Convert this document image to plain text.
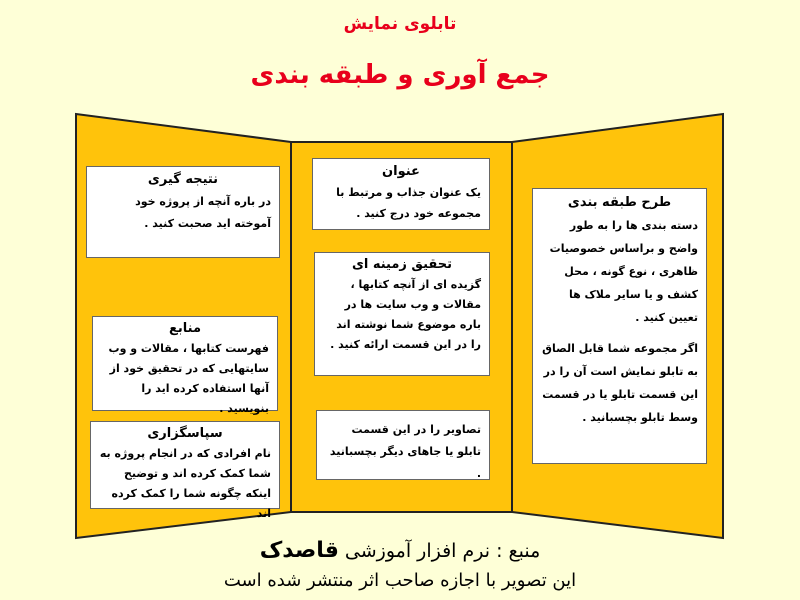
تابلوی نمایش
جمع آوری و طبقه بندی
نتیجه گیری

در باره آنچه از پروژه خود آموخته اید صحبت کنید .

منابع

فهرست کتابها ، مقالات و وب سایتهایی که در تحقیق خود از آنها استفاده کرده اید را بنویسید .

سپاسگزاری

نام افرادی که در انجام پروژه به شما کمک کرده اند و توضیح اینکه چگونه شما را کمک کرده اند

عنوان

یک عنوان جذاب و مرتبط با مجموعه خود درج کنید .

تحقیق زمینه ای

گزیده ای از آنچه کتابها ، مقالات و وب سایت ها در باره موضوع شما نوشته اند را در این قسمت ارائه کنید .

تصاویر را در این قسمت تابلو یا جاهای دیگر بچسبانید .

طرح طبقه بندی

دسته بندی ها را به طور واضح و براساس خصوصیات ظاهری ، نوع گونه ، محل کشف و یا سایر ملاک ها تعیین کنید .

اگر مجموعه شما قابل الصاق به تابلو نمایش است آن را در این قسمت تابلو یا در قسمت وسط تابلو بچسبانید .

منبع : نرم افزار آموزشی قاصدک
این تصویر با اجازه صاحب اثر منتشر شده است
